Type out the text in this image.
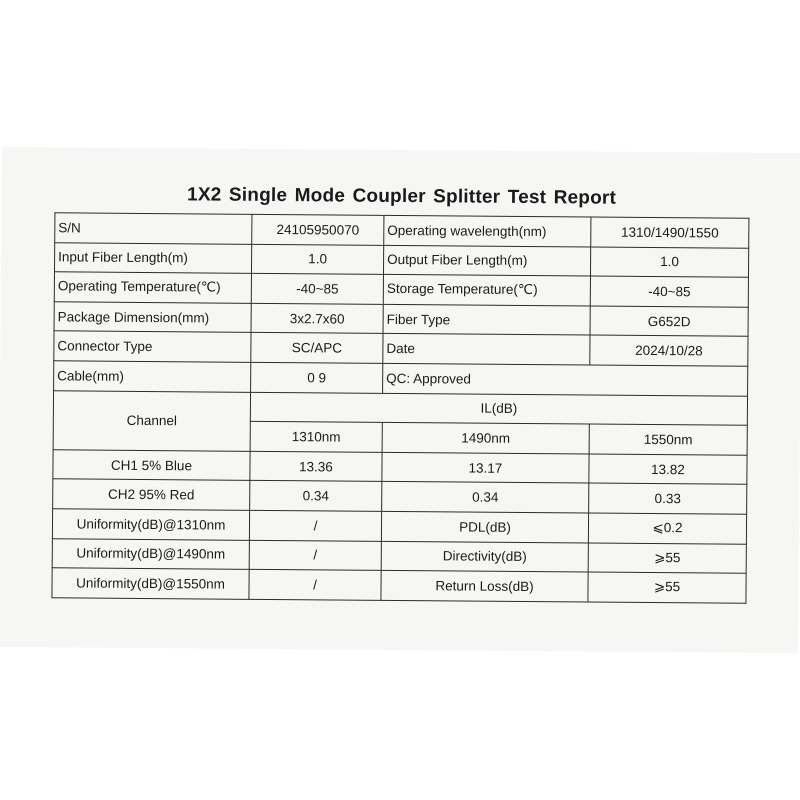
1X2 Single Mode Coupler Splitter Test Report
S/N	24105950070	Operating wavelength(nm)	1310/1490/1550
Input Fiber Length(m)	1.0	Output Fiber Length(m)	1.0
Operating Temperature(℃)	-40~85	Storage Temperature(℃)	-40~85
Package Dimension(mm)	3x2.7x60	Fiber Type	G652D
Connector Type	SC/APC	Date	2024/10/28
Cable(mm)	0 9	QC: Approved	
Channel	IL(dB)		
	1310nm	1490nm	1550nm
CH1 5% Blue	13.36	13.17	13.82
CH2 95% Red	0.34	0.34	0.33
Uniformity(dB)@1310nm	/	PDL(dB)	⩽0.2
Uniformity(dB)@1490nm	/	Directivity(dB)	⩾55
Uniformity(dB)@1550nm	/	Return Loss(dB)	⩾55
